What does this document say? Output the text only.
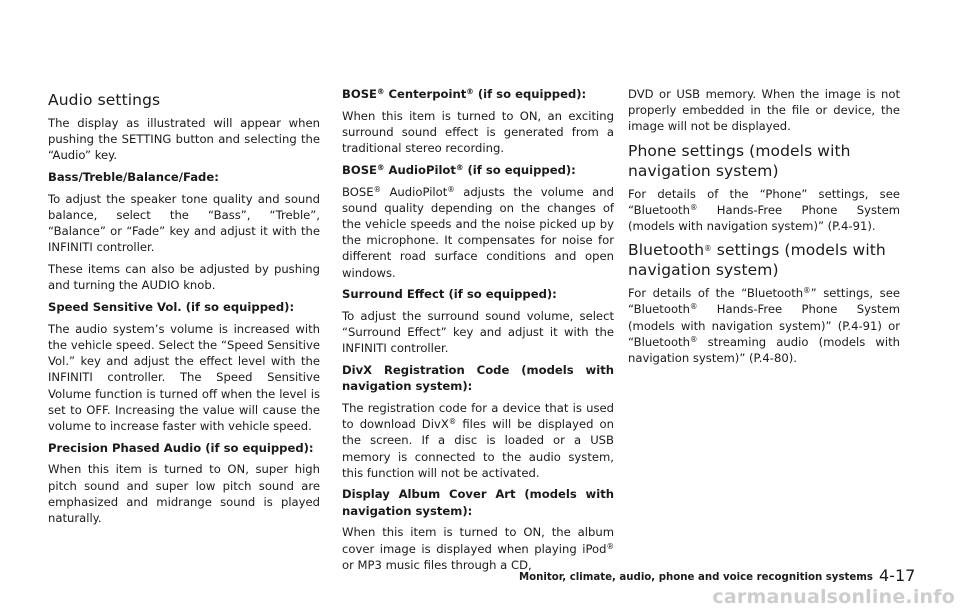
Audio settings

The display as illustrated will appear when pushing the SETTING button and selecting the “Audio” key.

Bass/Treble/Balance/Fade:

To adjust the speaker tone quality and sound balance, select the “Bass”, “Treble”, “Balance” or “Fade” key and adjust it with the INFINITI controller.

These items can also be adjusted by pushing and turning the AUDIO knob.

Speed Sensitive Vol. (if so equipped):

The audio system’s volume is increased with the vehicle speed. Select the “Speed Sensitive Vol.” key and adjust the effect level with the INFINITI controller. The Speed Sensitive Volume function is turned off when the level is set to OFF. Increasing the value will cause the volume to increase faster with vehicle speed.

Precision Phased Audio (if so equipped):

When this item is turned to ON, super high pitch sound and super low pitch sound are emphasized and midrange sound is played naturally.

BOSE® Centerpoint® (if so equipped):

When this item is turned to ON, an exciting surround sound effect is generated from a traditional stereo recording.

BOSE® AudioPilot® (if so equipped):

BOSE® AudioPilot® adjusts the volume and sound quality depending on the changes of the vehicle speeds and the noise picked up by the microphone. It compensates for noise for different road surface conditions and open windows.

Surround Effect (if so equipped):

To adjust the surround sound volume, select “Surround Effect” key and adjust it with the INFINITI controller.

DivX Registration Code (models with navigation system):

The registration code for a device that is used to download DivX® files will be displayed on the screen. If a disc is loaded or a USB memory is connected to the audio system, this function will not be activated.

Display Album Cover Art (models with navigation system):

When this item is turned to ON, the album cover image is displayed when playing iPod® or MP3 music files through a CD,

DVD or USB memory. When the image is not properly embedded in the file or device, the image will not be displayed.

Phone settings (models with navigation system)

For details of the “Phone” settings, see “Bluetooth® Hands-Free Phone System (models with navigation system)” (P.4-91).

Bluetooth® settings (models with navigation system)

For details of the “Bluetooth®” settings, see “Bluetooth® Hands-Free Phone System (models with navigation system)” (P.4-91) or “Bluetooth® streaming audio (models with navigation system)” (P.4-80).

Monitor, climate, audio, phone and voice recognition systems 4-17
carmanualsonline.info
